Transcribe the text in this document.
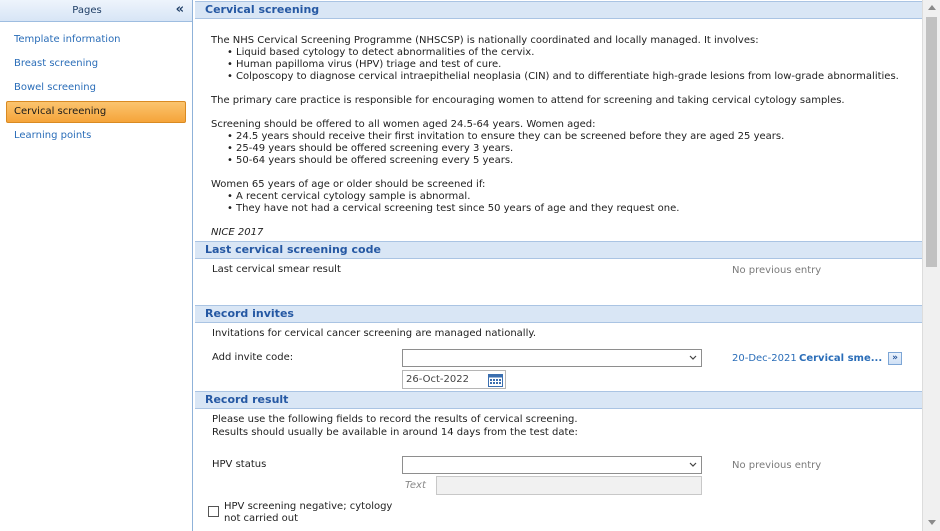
Pages	«
Template information
Breast screening
Bowel screening
Cervical screening
Learning points
Cervical screening

The NHS Cervical Screening Programme (NHSCSP) is nationally coordinated and locally managed. It involves:

• Liquid based cytology to detect abnormalities of the cervix.
• Human papilloma virus (HPV) triage and test of cure.
• Colposcopy to diagnose cervical intraepithelial neoplasia (CIN) and to differentiate high-grade lesions from low-grade abnormalities.

The primary care practice is responsible for encouraging women to attend for screening and taking cervical cytology samples.

Screening should be offered to all women aged 24.5-64 years. Women aged:

• 24.5 years should receive their first invitation to ensure they can be screened before they are aged 25 years.
• 25-49 years should be offered screening every 3 years.
• 50-64 years should be offered screening every 5 years.

Women 65 years of age or older should be screened if:

• A recent cervical cytology sample is abnormal.
• They have not had a cervical screening test since 50 years of age and they request one.

NICE 2017

Last cervical screening code
Last cervical smear result	No previous entry
Record invites
Invitations for cervical cancer screening are managed nationally.
Add invite code:	20-Dec-2021 Cervical sme...	»
26-Oct-2022
Record result
Please use the following fields to record the results of cervical screening.
Results should usually be available in around 14 days from the test date:
HPV status	No previous entry
Text
HPV screening negative; cytology
not carried out
